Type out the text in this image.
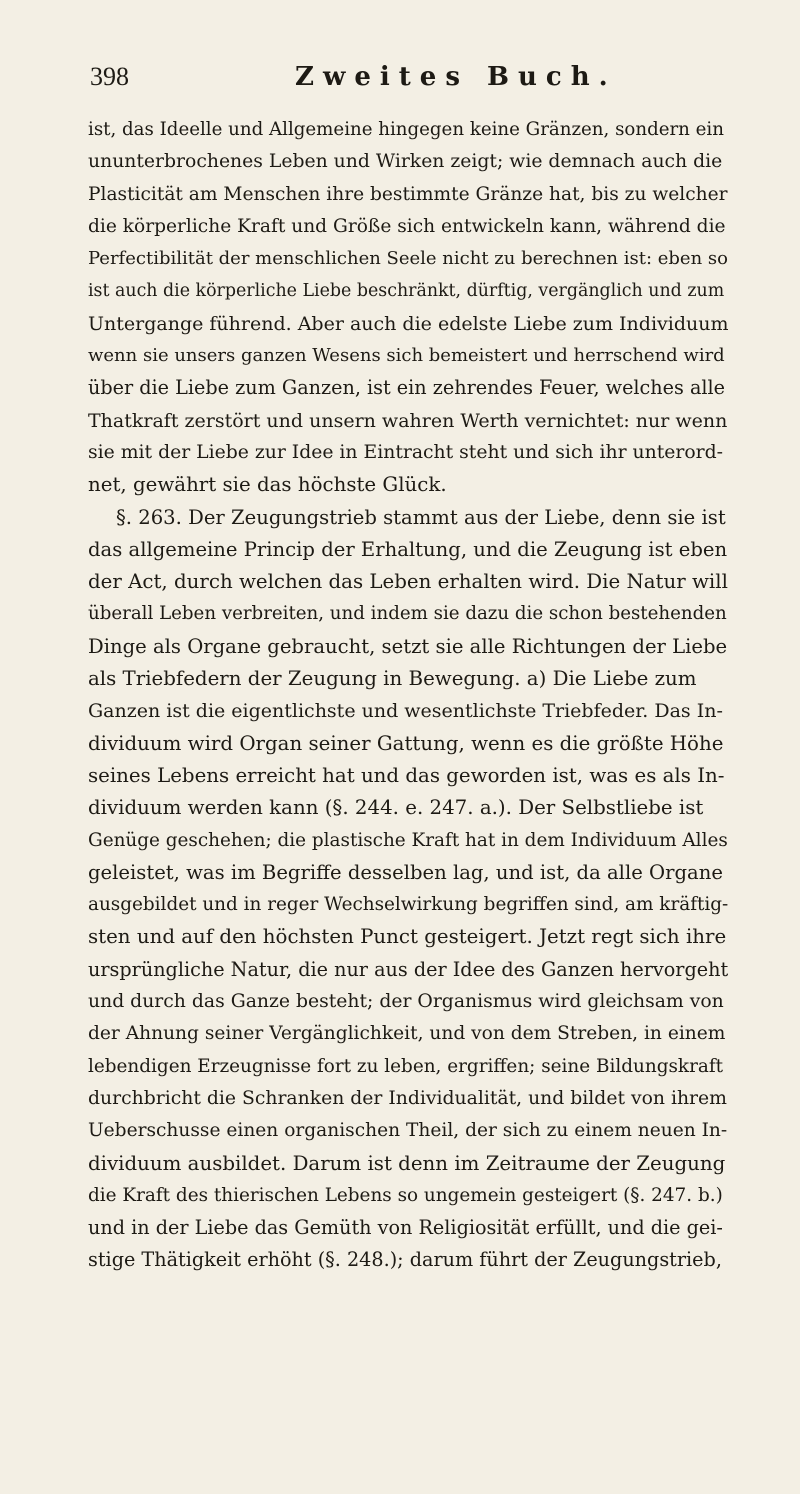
398	Zweites Buch.
ist, das Ideelle und Allgemeine hingegen keine Gränzen, sondern ein
ununterbrochenes Leben und Wirken zeigt; wie demnach auch die
Plasticität am Menschen ihre bestimmte Gränze hat, bis zu welcher
die körperliche Kraft und Größe sich entwickeln kann, während die
Perfectibilität der menschlichen Seele nicht zu berechnen ist: eben so
ist auch die körperliche Liebe beschränkt, dürftig, vergänglich und zum
Untergange führend. Aber auch die edelste Liebe zum Individuum
wenn sie unsers ganzen Wesens sich bemeistert und herrschend wird
über die Liebe zum Ganzen, ist ein zehrendes Feuer, welches alle
Thatkraft zerstört und unsern wahren Werth vernichtet: nur wenn
sie mit der Liebe zur Idee in Eintracht steht und sich ihr unterord-
net, gewährt sie das höchste Glück.
§. 263. Der Zeugungstrieb stammt aus der Liebe, denn sie ist
das allgemeine Princip der Erhaltung, und die Zeugung ist eben
der Act, durch welchen das Leben erhalten wird. Die Natur will
überall Leben verbreiten, und indem sie dazu die schon bestehenden
Dinge als Organe gebraucht, setzt sie alle Richtungen der Liebe
als Triebfedern der Zeugung in Bewegung. a) Die Liebe zum
Ganzen ist die eigentlichste und wesentlichste Triebfeder. Das In-
dividuum wird Organ seiner Gattung, wenn es die größte Höhe
seines Lebens erreicht hat und das geworden ist, was es als In-
dividuum werden kann (§. 244. e. 247. a.). Der Selbstliebe ist
Genüge geschehen; die plastische Kraft hat in dem Individuum Alles
geleistet, was im Begriffe desselben lag, und ist, da alle Organe
ausgebildet und in reger Wechselwirkung begriffen sind, am kräftig-
sten und auf den höchsten Punct gesteigert. Jetzt regt sich ihre
ursprüngliche Natur, die nur aus der Idee des Ganzen hervorgeht
und durch das Ganze besteht; der Organismus wird gleichsam von
der Ahnung seiner Vergänglichkeit, und von dem Streben, in einem
lebendigen Erzeugnisse fort zu leben, ergriffen; seine Bildungskraft
durchbricht die Schranken der Individualität, und bildet von ihrem
Ueberschusse einen organischen Theil, der sich zu einem neuen In-
dividuum ausbildet. Darum ist denn im Zeitraume der Zeugung
die Kraft des thierischen Lebens so ungemein gesteigert (§. 247. b.)
und in der Liebe das Gemüth von Religiosität erfüllt, und die gei-
stige Thätigkeit erhöht (§. 248.); darum führt der Zeugungstrieb,
